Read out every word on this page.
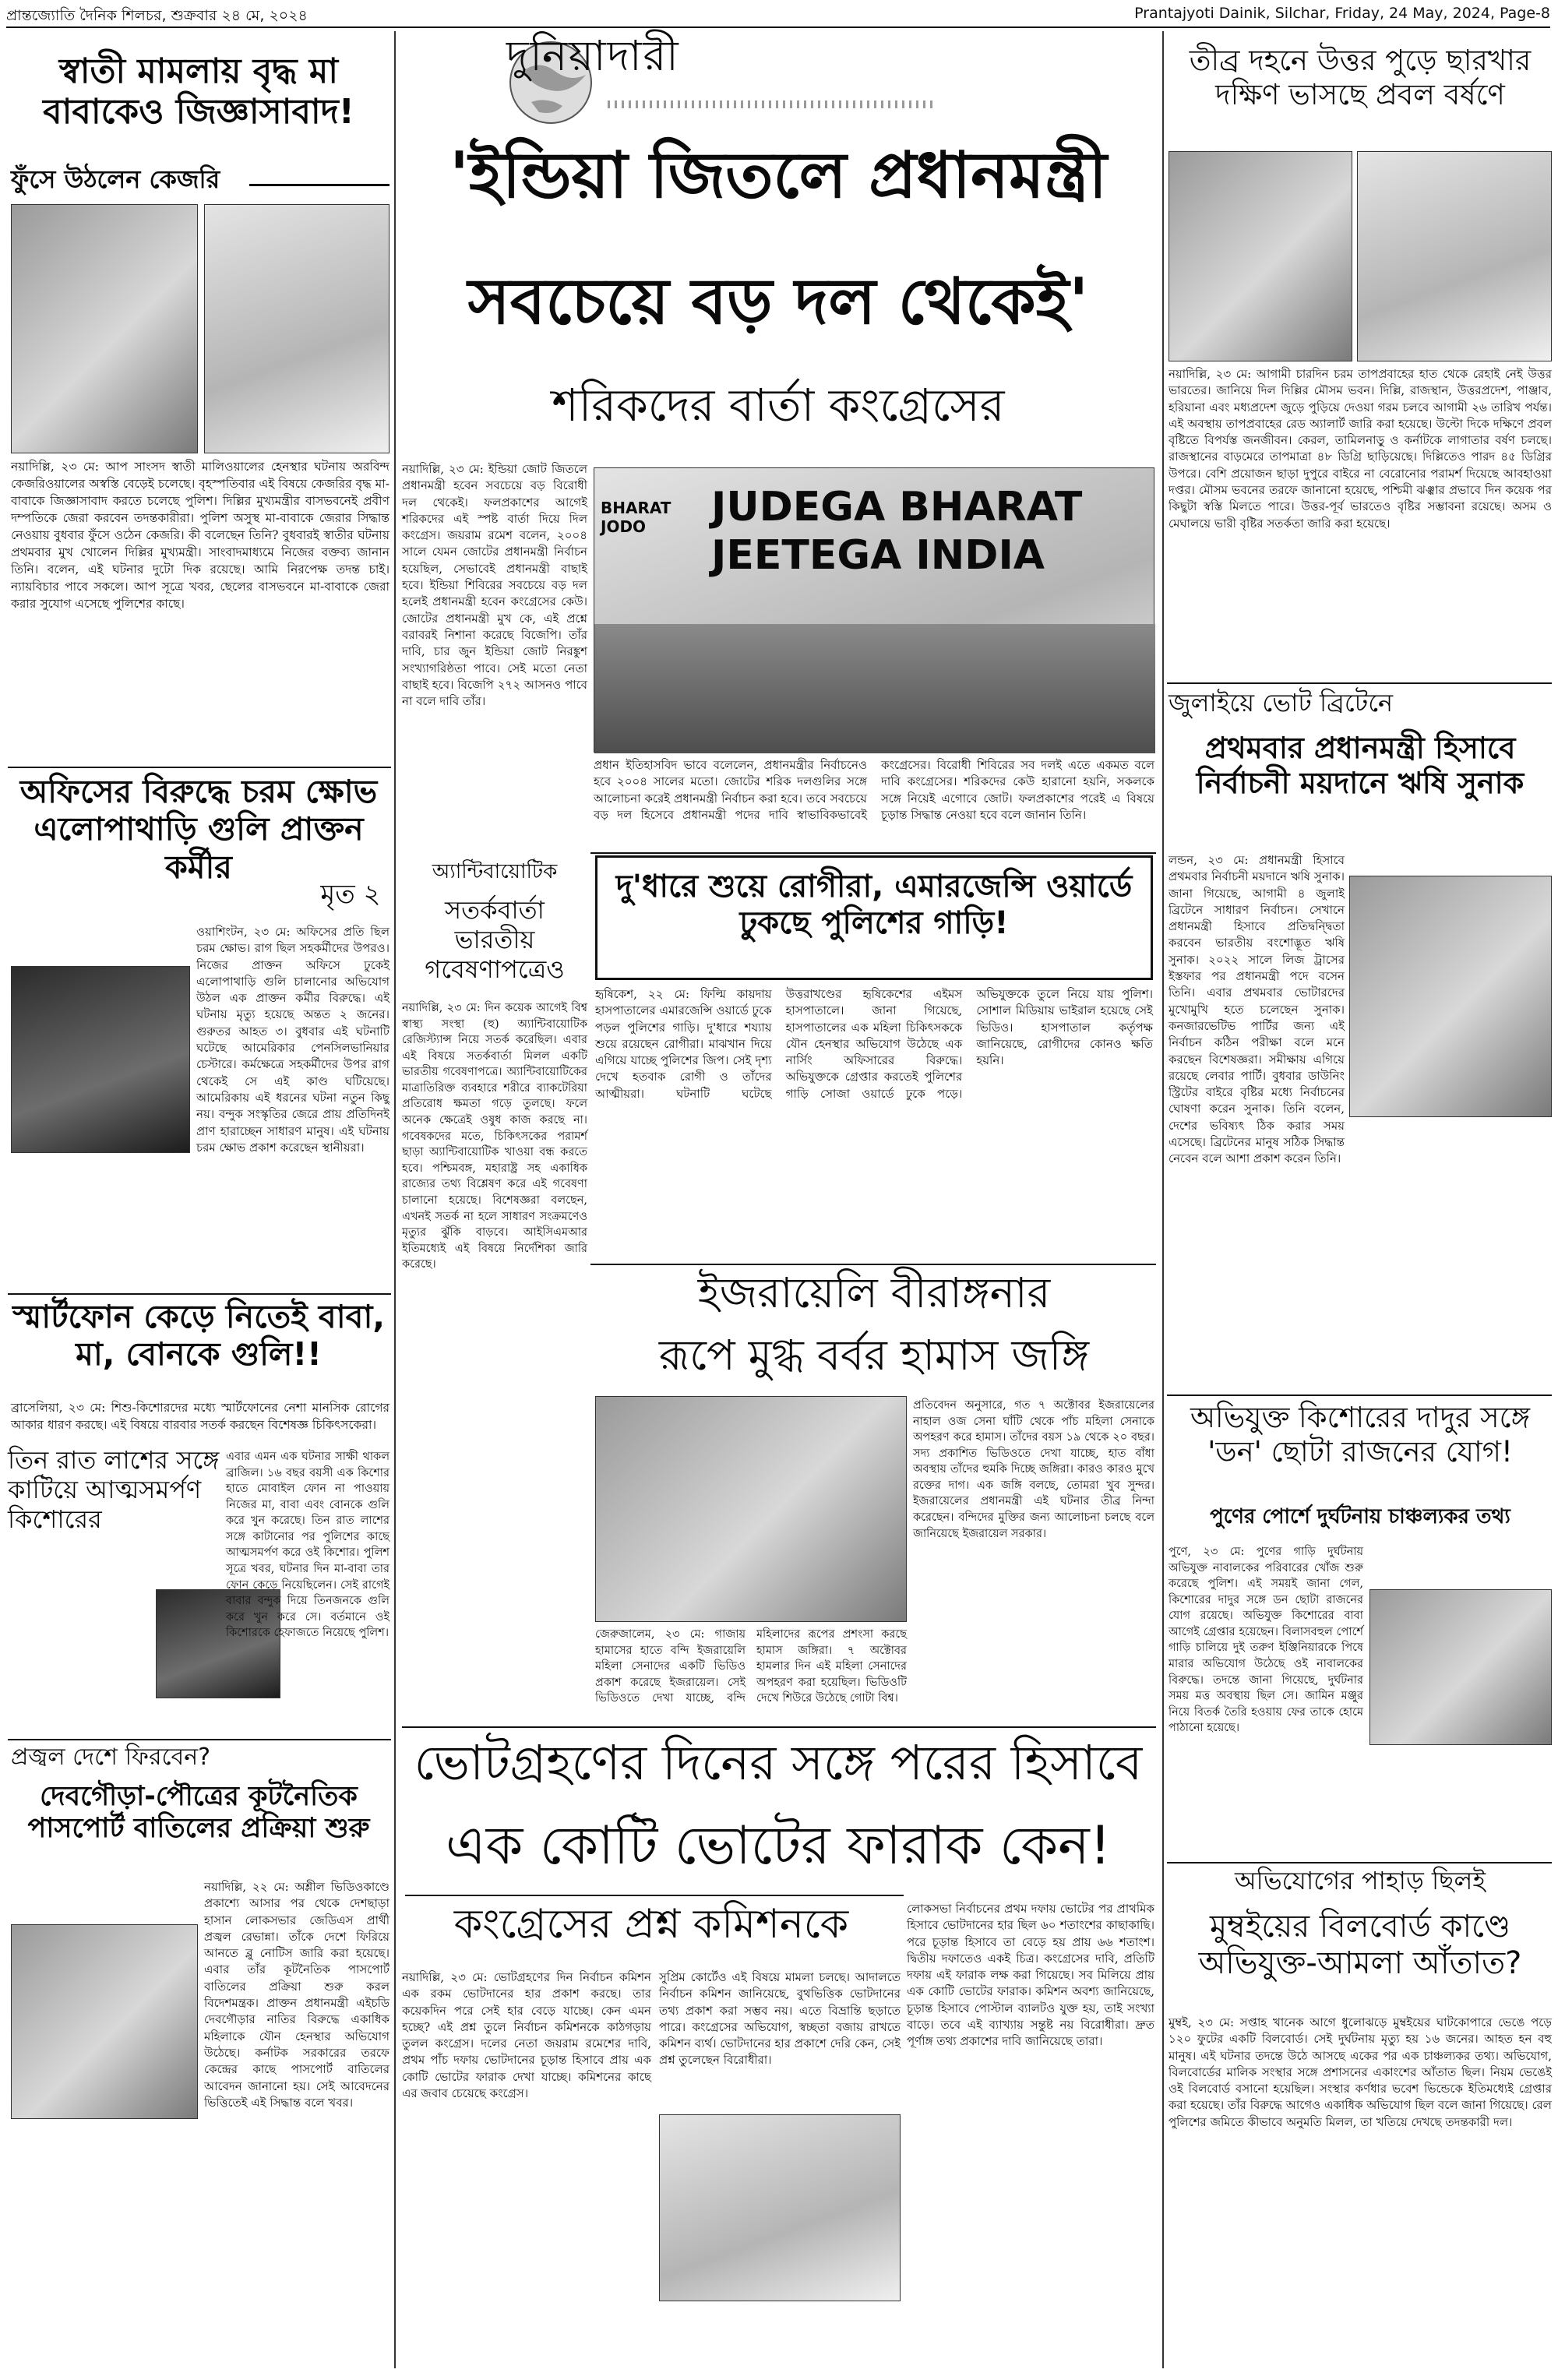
প্রান্তজ্যোতি দৈনিক শিলচর, শুক্রবার ২৪ মে, ২০২৪	Prantajyoti Dainik, Silchar, Friday, 24 May, 2024, Page-8
দুনিয়াদারী
স্বাতী মামলায় বৃদ্ধ মা বাবাকেও জিজ্ঞাসাবাদ!
ফুঁসে উঠলেন কেজরি
নয়াদিল্লি, ২৩ মে: আপ সাংসদ স্বাতী মালিওয়ালের হেনস্থার ঘটনায় অরবিন্দ কেজরিওয়ালের অস্বস্তি বেড়েই চলেছে। বৃহস্পতিবার এই বিষয়ে কেজরির বৃদ্ধ মা-বাবাকে জিজ্ঞাসাবাদ করতে চলেছে পুলিশ। দিল্লির মুখ্যমন্ত্রীর বাসভবনেই প্রবীণ দম্পতিকে জেরা করবেন তদন্তকারীরা। পুলিশ অসুস্থ মা-বাবাকে জেরার সিদ্ধান্ত নেওয়ায় বুধবার ফুঁসে ওঠেন কেজরি। কী বলেছেন তিনি? বুধবারই স্বাতীর ঘটনায় প্রথমবার মুখ খোলেন দিল্লির মুখ্যমন্ত্রী। সাংবাদমাধ্যমে নিজের বক্তব্য জানান তিনি। বলেন, এই ঘটনার দুটো দিক রয়েছে। আমি নিরপেক্ষ তদন্ত চাই। ন্যায়বিচার পাবে সকলে। আপ সূত্রে খবর, ছেলের বাসভবনে মা-বাবাকে জেরা করার সুযোগ এসেছে পুলিশের কাছে।
অফিসের বিরুদ্ধে চরম ক্ষোভ এলোপাথাড়ি গুলি প্রাক্তন কর্মীর
মৃত ২
ওয়াশিংটন, ২৩ মে: অফিসের প্রতি ছিল চরম ক্ষোভ। রাগ ছিল সহকর্মীদের উপরও। নিজের প্রাক্তন অফিসে ঢুকেই এলোপাথাড়ি গুলি চালানোর অভিযোগ উঠল এক প্রাক্তন কর্মীর বিরুদ্ধে। এই ঘটনায় মৃত্যু হয়েছে অন্তত ২ জনের। গুরুতর আহত ৩। বুধবার এই ঘটনাটি ঘটেছে আমেরিকার পেনসিলভানিয়ার চেস্টারে। কর্মক্ষেত্রে সহকর্মীদের উপর রাগ থেকেই সে এই কাণ্ড ঘটিয়েছে। আমেরিকায় এই ধরনের ঘটনা নতুন কিছু নয়। বন্দুক সংস্কৃতির জেরে প্রায় প্রতিদিনই প্রাণ হারাচ্ছেন সাধারণ মানুষ। এই ঘটনায় চরম ক্ষোভ প্রকাশ করেছেন স্থানীয়রা।
স্মার্টফোন কেড়ে নিতেই বাবা, মা, বোনকে গুলি!!
ব্রাসেলিয়া, ২৩ মে: শিশু-কিশোরদের মধ্যে স্মার্টফোনের নেশা মানসিক রোগের আকার ধারণ করছে। এই বিষয়ে বারবার সতর্ক করছেন বিশেষজ্ঞ চিকিৎসকেরা।
তিন রাত লাশের সঙ্গে কাটিয়ে আত্মসমর্পণ কিশোরের
এবার এমন এক ঘটনার সাক্ষী থাকল ব্রাজিল। ১৬ বছর বয়সী এক কিশোর হাতে মোবাইল ফোন না পাওয়ায় নিজের মা, বাবা এবং বোনকে গুলি করে খুন করেছে। তিন রাত লাশের সঙ্গে কাটানোর পর পুলিশের কাছে আত্মসমর্পণ করে ওই কিশোর। পুলিশ সূত্রে খবর, ঘটনার দিন মা-বাবা তার ফোন কেড়ে নিয়েছিলেন। সেই রাগেই বাবার বন্দুক দিয়ে তিনজনকে গুলি করে খুন করে সে। বর্তমানে ওই কিশোরকে হেফাজতে নিয়েছে পুলিশ।
প্রজ্বল দেশে ফিরবেন?
দেবগৌড়া-পৌত্রের কূটনৈতিক পাসপোর্ট বাতিলের প্রক্রিয়া শুরু
নয়াদিল্লি, ২২ মে: অশ্লীল ভিডিওকাণ্ডে প্রকাশ্যে আসার পর থেকে দেশছাড়া হাসান লোকসভার জেডিএস প্রার্থী প্রজ্বল রেভান্না। তাঁকে দেশে ফিরিয়ে আনতে ব্লু নোটিস জারি করা হয়েছে। এবার তাঁর কূটনৈতিক পাসপোর্ট বাতিলের প্রক্রিয়া শুরু করল বিদেশমন্ত্রক। প্রাক্তন প্রধানমন্ত্রী এইচডি দেবগৌড়ার নাতির বিরুদ্ধে একাধিক মহিলাকে যৌন হেনস্থার অভিযোগ উঠেছে। কর্নাটক সরকারের তরফে কেন্দ্রের কাছে পাসপোর্ট বাতিলের আবেদন জানানো হয়। সেই আবেদনের ভিত্তিতেই এই সিদ্ধান্ত বলে খবর।
'ইন্ডিয়া জিতলে প্রধানমন্ত্রী
সবচেয়ে বড় দল থেকেই'
শরিকদের বার্তা কংগ্রেসের
নয়াদিল্লি, ২৩ মে: ইন্ডিয়া জোট জিতলে প্রধানমন্ত্রী হবেন সবচেয়ে বড় বিরোধী দল থেকেই। ফলপ্রকাশের আগেই শরিকদের এই স্পষ্ট বার্তা দিয়ে দিল কংগ্রেস। জয়রাম রমেশ বলেন, ২০০৪ সালে যেমন জোটের প্রধানমন্ত্রী নির্বাচন হয়েছিল, সেভাবেই প্রধানমন্ত্রী বাছাই হবে। ইন্ডিয়া শিবিরের সবচেয়ে বড় দল হলেই প্রধানমন্ত্রী হবেন কংগ্রেসের কেউ। জোটের প্রধানমন্ত্রী মুখ কে, এই প্রশ্নে বরাবরই নিশানা করেছে বিজেপি। তাঁর দাবি, চার জুন ইন্ডিয়া জোট নিরঙ্কুশ সংখ্যাগরিষ্ঠতা পাবে। সেই মতো নেতা বাছাই হবে। বিজেপি ২৭২ আসনও পাবে না বলে দাবি তাঁর।
JUDEGA BHARAT
JEETEGA INDIA
BHARAT JODO
প্রধান ইতিহাসবিদ ভাবে বলেলেন, প্রধানমন্ত্রীর নির্বাচনেও হবে ২০০৪ সালের মতো। জোটের শরিক দলগুলির সঙ্গে আলোচনা করেই প্রধানমন্ত্রী নির্বাচন করা হবে। তবে সবচেয়ে বড় দল হিসেবে প্রধানমন্ত্রী পদের দাবি স্বাভাবিকভাবেই কংগ্রেসের। বিরোধী শিবিরের সব দলই এতে একমত বলে দাবি কংগ্রেসের। শরিকদের কেউ হারানো হয়নি, সকলকে সঙ্গে নিয়েই এগোবে জোট। ফলপ্রকাশের পরেই এ বিষয়ে চূড়ান্ত সিদ্ধান্ত নেওয়া হবে বলে জানান তিনি।
অ্যান্টিবায়োটিক
সতর্কবার্তা ভারতীয় গবেষণাপত্রেও
নয়াদিল্লি, ২৩ মে: দিন কয়েক আগেই বিশ্ব স্বাস্থ্য সংস্থা (হু) অ্যান্টিবায়োটিক রেজিস্ট্যান্স নিয়ে সতর্ক করেছিল। এবার এই বিষয়ে সতর্কবার্তা মিলল একটি ভারতীয় গবেষণাপত্রে। অ্যান্টিবায়োটিকের মাত্রাতিরিক্ত ব্যবহারে শরীরে ব্যাকটেরিয়া প্রতিরোধ ক্ষমতা গড়ে তুলছে। ফলে অনেক ক্ষেত্রেই ওষুধ কাজ করছে না। গবেষকদের মতে, চিকিৎসকের পরামর্শ ছাড়া অ্যান্টিবায়োটিক খাওয়া বন্ধ করতে হবে। পশ্চিমবঙ্গ, মহারাষ্ট্র সহ একাধিক রাজ্যের তথ্য বিশ্লেষণ করে এই গবেষণা চালানো হয়েছে। বিশেষজ্ঞরা বলছেন, এখনই সতর্ক না হলে সাধারণ সংক্রমণেও মৃত্যুর ঝুঁকি বাড়বে। আইসিএমআর ইতিমধ্যেই এই বিষয়ে নির্দেশিকা জারি করেছে।
দু'ধারে শুয়ে রোগীরা, এমারজেন্সি ওয়ার্ডে ঢুকছে পুলিশের গাড়ি!
হৃষিকেশ, ২২ মে: ফিল্মি কায়দায় হাসপাতালের এমারজেন্সি ওয়ার্ডে ঢুকে পড়ল পুলিশের গাড়ি। দু'ধারে শয্যায় শুয়ে রয়েছেন রোগীরা। মাঝখান দিয়ে এগিয়ে যাচ্ছে পুলিশের জিপ। সেই দৃশ্য দেখে হতবাক রোগী ও তাঁদের আত্মীয়রা। ঘটনাটি ঘটেছে উত্তরাখণ্ডের হৃষিকেশের এইমস হাসপাতালে। জানা গিয়েছে, হাসপাতালের এক মহিলা চিকিৎসককে যৌন হেনস্থার অভিযোগ উঠেছে এক নার্সিং অফিসারের বিরুদ্ধে। অভিযুক্তকে গ্রেপ্তার করতেই পুলিশের গাড়ি সোজা ওয়ার্ডে ঢুকে পড়ে। অভিযুক্তকে তুলে নিয়ে যায় পুলিশ। সোশাল মিডিয়ায় ভাইরাল হয়েছে সেই ভিডিও। হাসপাতাল কর্তৃপক্ষ জানিয়েছে, রোগীদের কোনও ক্ষতি হয়নি।
ইজরায়েলি বীরাঙ্গনার
রূপে মুগ্ধ বর্বর হামাস জঙ্গি
প্রতিবেদন অনুসারে, গত ৭ অক্টোবর ইজরায়েলের নাহাল ওজ সেনা ঘাঁটি থেকে পাঁচ মহিলা সেনাকে অপহরণ করে হামাস। তাঁদের বয়স ১৯ থেকে ২০ বছর। সদ্য প্রকাশিত ভিডিওতে দেখা যাচ্ছে, হাত বাঁধা অবস্থায় তাঁদের হুমকি দিচ্ছে জঙ্গিরা। কারও কারও মুখে রক্তের দাগ। এক জঙ্গি বলছে, তোমরা খুব সুন্দর। ইজরায়েলের প্রধানমন্ত্রী এই ঘটনার তীব্র নিন্দা করেছেন। বন্দিদের মুক্তির জন্য আলোচনা চলছে বলে জানিয়েছে ইজরায়েল সরকার।
জেরুজালেম, ২৩ মে: গাজায় হামাসের হাতে বন্দি ইজরায়েলি মহিলা সেনাদের একটি ভিডিও প্রকাশ করেছে ইজরায়েল। সেই ভিডিওতে দেখা যাচ্ছে, বন্দি মহিলাদের রূপের প্রশংসা করছে হামাস জঙ্গিরা। ৭ অক্টোবর হামলার দিন এই মহিলা সেনাদের অপহরণ করা হয়েছিল। ভিডিওটি দেখে শিউরে উঠেছে গোটা বিশ্ব।
ভোটগ্রহণের দিনের সঙ্গে পরের হিসাবে
এক কোটি ভোটের ফারাক কেন!
কংগ্রেসের প্রশ্ন কমিশনকে
নয়াদিল্লি, ২৩ মে: ভোটগ্রহণের দিন নির্বাচন কমিশন এক রকম ভোটদানের হার প্রকাশ করছে। তার কয়েকদিন পরে সেই হার বেড়ে যাচ্ছে। কেন এমন হচ্ছে? এই প্রশ্ন তুলে নির্বাচন কমিশনকে কাঠগড়ায় তুলল কংগ্রেস। দলের নেতা জয়রাম রমেশের দাবি, প্রথম পাঁচ দফায় ভোটদানের চূড়ান্ত হিসাবে প্রায় এক কোটি ভোটের ফারাক দেখা যাচ্ছে। কমিশনের কাছে এর জবাব চেয়েছে কংগ্রেস।
সুপ্রিম কোর্টেও এই বিষয়ে মামলা চলছে। আদালতে নির্বাচন কমিশন জানিয়েছে, বুথভিত্তিক ভোটদানের তথ্য প্রকাশ করা সম্ভব নয়। এতে বিভ্রান্তি ছড়াতে পারে। কংগ্রেসের অভিযোগ, স্বচ্ছতা বজায় রাখতে কমিশন ব্যর্থ। ভোটদানের হার প্রকাশে দেরি কেন, সেই প্রশ্ন তুলেছেন বিরোধীরা।
লোকসভা নির্বাচনের প্রথম দফায় ভোটের পর প্রাথমিক হিসাবে ভোটদানের হার ছিল ৬০ শতাংশের কাছাকাছি। পরে চূড়ান্ত হিসাবে তা বেড়ে হয় প্রায় ৬৬ শতাংশ। দ্বিতীয় দফাতেও একই চিত্র। কংগ্রেসের দাবি, প্রতিটি দফায় এই ফারাক লক্ষ করা গিয়েছে। সব মিলিয়ে প্রায় এক কোটি ভোটের ফারাক। কমিশন অবশ্য জানিয়েছে, চূড়ান্ত হিসাবে পোস্টাল ব্যালটও যুক্ত হয়, তাই সংখ্যা বাড়ে। তবে এই ব্যাখ্যায় সন্তুষ্ট নয় বিরোধীরা। দ্রুত পূর্ণাঙ্গ তথ্য প্রকাশের দাবি জানিয়েছে তারা।
তীব্র দহনে উত্তর পুড়ে ছারখার দক্ষিণ ভাসছে প্রবল বর্ষণে
নয়াদিল্লি, ২৩ মে: আগামী চারদিন চরম তাপপ্রবাহের হাত থেকে রেহাই নেই উত্তর ভারতের। জানিয়ে দিল দিল্লির মৌসম ভবন। দিল্লি, রাজস্থান, উত্তরপ্রদেশ, পাঞ্জাব, হরিয়ানা এবং মধ্যপ্রদেশ জুড়ে পুড়িয়ে দেওয়া গরম চলবে আগামী ২৬ তারিখ পর্যন্ত। এই অবস্থায় তাপপ্রবাহের রেড অ্যালার্ট জারি করা হয়েছে। উল্টো দিকে দক্ষিণে প্রবল বৃষ্টিতে বিপর্যস্ত জনজীবন। কেরল, তামিলনাড়ু ও কর্নাটকে লাগাতার বর্ষণ চলছে। রাজস্থানের বাড়মেরে তাপমাত্রা ৪৮ ডিগ্রি ছাড়িয়েছে। দিল্লিতেও পারদ ৪৫ ডিগ্রির উপরে। বেশি প্রয়োজন ছাড়া দুপুরে বাইরে না বেরোনোর পরামর্শ দিয়েছে আবহাওয়া দপ্তর। মৌসম ভবনের তরফে জানানো হয়েছে, পশ্চিমী ঝঞ্ঝার প্রভাবে দিন কয়েক পর কিছুটা স্বস্তি মিলতে পারে। উত্তর-পূর্ব ভারতেও বৃষ্টির সম্ভাবনা রয়েছে। অসম ও মেঘালয়ে ভারী বৃষ্টির সতর্কতা জারি করা হয়েছে।
জুলাইয়ে ভোট ব্রিটেনে
প্রথমবার প্রধানমন্ত্রী হিসাবে নির্বাচনী ময়দানে ঋষি সুনাক
লন্ডন, ২৩ মে: প্রধানমন্ত্রী হিসাবে প্রথমবার নির্বাচনী ময়দানে ঋষি সুনাক। জানা গিয়েছে, আগামী ৪ জুলাই ব্রিটেনে সাধারণ নির্বাচন। সেখানে প্রধানমন্ত্রী হিসাবে প্রতিদ্বন্দ্বিতা করবেন ভারতীয় বংশোদ্ভূত ঋষি সুনাক। ২০২২ সালে লিজ ট্রাসের ইস্তফার পর প্রধানমন্ত্রী পদে বসেন তিনি। এবার প্রথমবার ভোটারদের মুখোমুখি হতে চলেছেন সুনাক। কনজারভেটিভ পার্টির জন্য এই নির্বাচন কঠিন পরীক্ষা বলে মনে করছেন বিশেষজ্ঞরা। সমীক্ষায় এগিয়ে রয়েছে লেবার পার্টি। বুধবার ডাউনিং স্ট্রিটের বাইরে বৃষ্টির মধ্যে নির্বাচনের ঘোষণা করেন সুনাক। তিনি বলেন, দেশের ভবিষ্যৎ ঠিক করার সময় এসেছে। ব্রিটেনের মানুষ সঠিক সিদ্ধান্ত নেবেন বলে আশা প্রকাশ করেন তিনি।
অভিযুক্ত কিশোরের দাদুর সঙ্গে 'ডন' ছোটা রাজনের যোগ!
পুণের পোর্শে দুর্ঘটনায় চাঞ্চল্যকর তথ্য
পুণে, ২৩ মে: পুণের গাড়ি দুর্ঘটনায় অভিযুক্ত নাবালকের পরিবারের খোঁজ শুরু করেছে পুলিশ। এই সময়ই জানা গেল, কিশোরের দাদুর সঙ্গে ডন ছোটা রাজনের যোগ রয়েছে। অভিযুক্ত কিশোরের বাবা আগেই গ্রেপ্তার হয়েছেন। বিলাসবহুল পোর্শে গাড়ি চালিয়ে দুই তরুণ ইঞ্জিনিয়ারকে পিষে মারার অভিযোগ উঠেছে ওই নাবালকের বিরুদ্ধে। তদন্তে জানা গিয়েছে, দুর্ঘটনার সময় মত্ত অবস্থায় ছিল সে। জামিন মঞ্জুর নিয়ে বিতর্ক তৈরি হওয়ায় ফের তাকে হোমে পাঠানো হয়েছে।
অভিযোগের পাহাড় ছিলই
মুম্বইয়ের বিলবোর্ড কাণ্ডে অভিযুক্ত-আমলা আঁতাত?
মুম্বই, ২৩ মে: সপ্তাহ খানেক আগে ধুলোঝড়ে মুম্বইয়ের ঘাটকোপারে ভেঙে পড়ে ১২০ ফুটের একটি বিলবোর্ড। সেই দুর্ঘটনায় মৃত্যু হয় ১৬ জনের। আহত হন বহু মানুষ। এই ঘটনার তদন্তে উঠে আসছে একের পর এক চাঞ্চল্যকর তথ্য। অভিযোগ, বিলবোর্ডের মালিক সংস্থার সঙ্গে প্রশাসনের একাংশের আঁতাত ছিল। নিয়ম ভেঙেই ওই বিলবোর্ড বসানো হয়েছিল। সংস্থার কর্ণধার ভবেশ ভিন্ডেকে ইতিমধ্যেই গ্রেপ্তার করা হয়েছে। তাঁর বিরুদ্ধে আগেও একাধিক অভিযোগ ছিল বলে জানা গিয়েছে। রেল পুলিশের জমিতে কীভাবে অনুমতি মিলল, তা খতিয়ে দেখছে তদন্তকারী দল।
